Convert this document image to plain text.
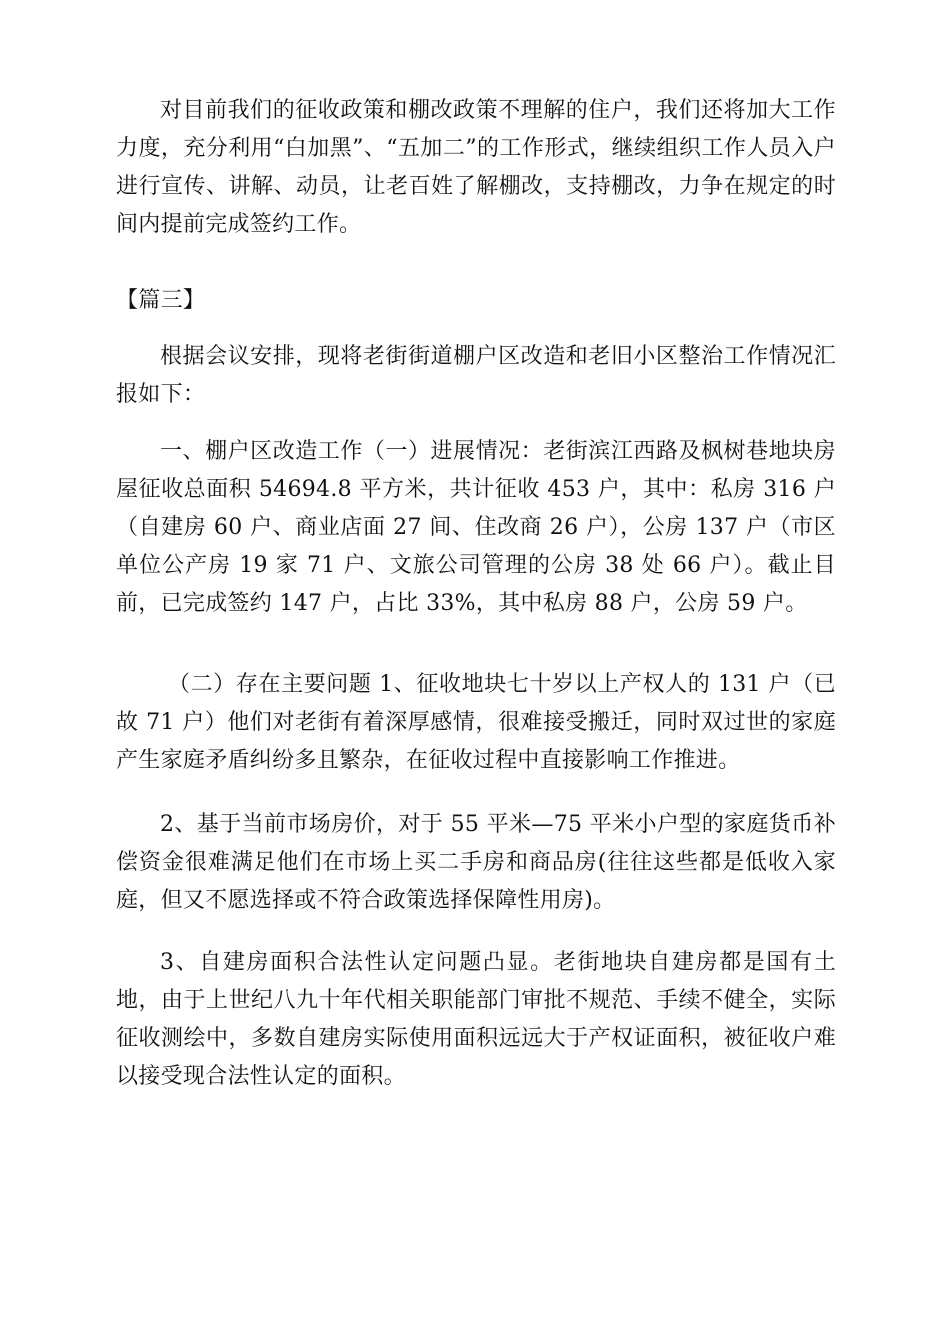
对目前我们的征收政策和棚改政策不理解的住户，我们还将加大工作力度，充分利用“白加黑”、“五加二”的工作形式，继续组织工作人员入户进行宣传、讲解、动员，让老百姓了解棚改，支持棚改，力争在规定的时间内提前完成签约工作。

【篇三】

根据会议安排，现将老街街道棚户区改造和老旧小区整治工作情况汇报如下：

一、棚户区改造工作（一）进展情况：老街滨江西路及枫树巷地块房屋征收总面积 54694.8 平方米，共计征收 453 户，其中：私房 316 户（自建房 60 户、商业店面 27 间、住改商 26 户），公房 137 户（市区单位公产房 19 家 71 户、文旅公司管理的公房 38 处 66 户）。截止目前，已完成签约 147 户，占比 33%，其中私房 88 户，公房 59 户。

（二）存在主要问题 1、征收地块七十岁以上产权人的 131 户（已故 71 户）他们对老街有着深厚感情，很难接受搬迁，同时双过世的家庭产生家庭矛盾纠纷多且繁杂，在征收过程中直接影响工作推进。

2、基于当前市场房价，对于 55 平米—75 平米小户型的家庭货币补偿资金很难满足他们在市场上买二手房和商品房(往往这些都是低收入家庭，但又不愿选择或不符合政策选择保障性用房)。

3、自建房面积合法性认定问题凸显。老街地块自建房都是国有土地，由于上世纪八九十年代相关职能部门审批不规范、手续不健全，实际征收测绘中，多数自建房实际使用面积远远大于产权证面积，被征收户难以接受现合法性认定的面积。
